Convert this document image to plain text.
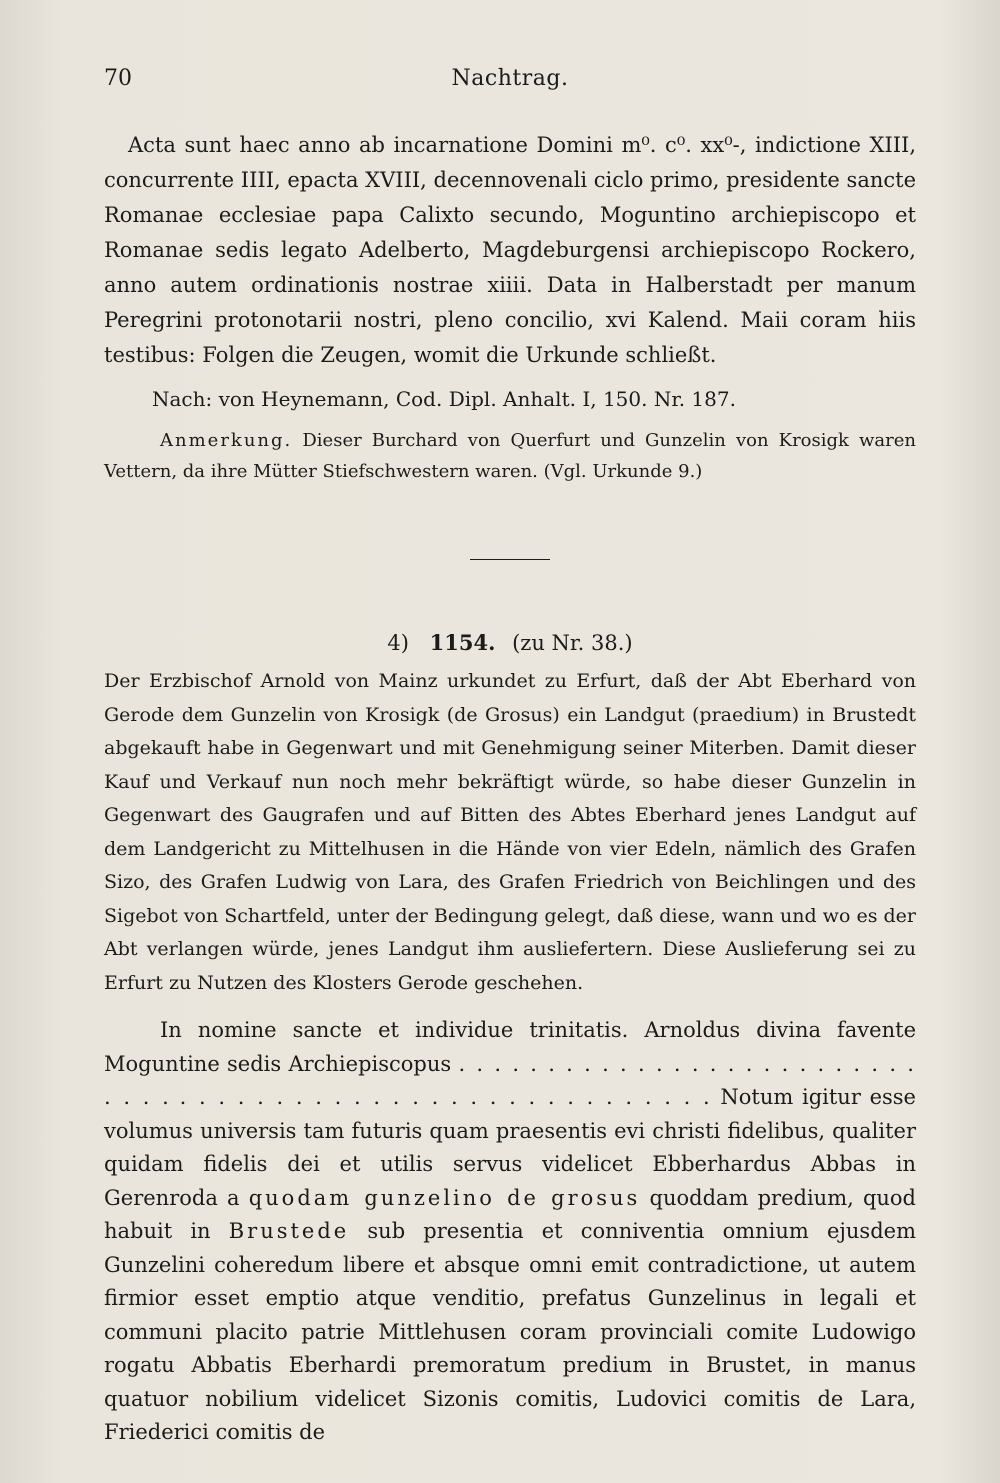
70	Nachtrag.

Acta sunt haec anno ab incarnatione Domini m⁰. c⁰. xx⁰-, indictione XIII, concurrente IIII, epacta XVIII, decennovenali ciclo primo, presidente sancte Romanae ecclesiae papa Calixto secundo, Moguntino archiepiscopo et Romanae sedis legato Adelberto, Magdeburgensi archiepiscopo Rockero, anno autem ordinationis nostrae xiiii. Data in Halberstadt per manum Peregrini protonotarii nostri, pleno concilio, xvi Kalend. Maii coram hiis testibus: Folgen die Zeugen, womit die Urkunde schließt.

Nach: von Heynemann, Cod. Dipl. Anhalt. I, 150. Nr. 187.

Anmerkung. Dieser Burchard von Querfurt und Gunzelin von Krosigk waren Vettern, da ihre Mütter Stiefschwestern waren. (Vgl. Urkunde 9.)

4) 1154. (zu Nr. 38.)

Der Erzbischof Arnold von Mainz urkundet zu Erfurt, daß der Abt Eberhard von Gerode dem Gunzelin von Krosigk (de Grosus) ein Landgut (praedium) in Brustedt abgekauft habe in Gegenwart und mit Genehmigung seiner Miterben. Damit dieser Kauf und Verkauf nun noch mehr bekräftigt würde, so habe dieser Gunzelin in Gegenwart des Gaugrafen und auf Bitten des Abtes Eberhard jenes Landgut auf dem Landgericht zu Mittelhusen in die Hände von vier Edeln, nämlich des Grafen Sizo, des Grafen Ludwig von Lara, des Grafen Friedrich von Beichlingen und des Sigebot von Schartfeld, unter der Bedingung gelegt, daß diese, wann und wo es der Abt verlangen würde, jenes Landgut ihm ausliefertern. Diese Auslieferung sei zu Erfurt zu Nutzen des Klosters Gerode geschehen.

In nomine sancte et individue trinitatis. Arnoldus divina favente Moguntine sedis Archiepiscopus . . . . . . . . . . . . . . . . . . . . . . . . . . . . . . . . . . . . . . . . . . . . . . . . . . . . . . . . . . Notum igitur esse volumus universis tam futuris quam praesentis evi christi fidelibus, qualiter quidam fidelis dei et utilis servus videlicet Ebberhardus Abbas in Gerenroda a quodam gunzelino de grosus quoddam predium, quod habuit in Brustede sub presentia et conniventia omnium ejusdem Gunzelini coheredum libere et absque omni emit contradictione, ut autem firmior esset emptio atque venditio, prefatus Gunzelinus in legali et communi placito patrie Mittlehusen coram provinciali comite Ludowigo rogatu Abbatis Eberhardi premoratum predium in Brustet, in manus quatuor nobilium videlicet Sizonis comitis, Ludovici comitis de Lara, Friederici comitis de
